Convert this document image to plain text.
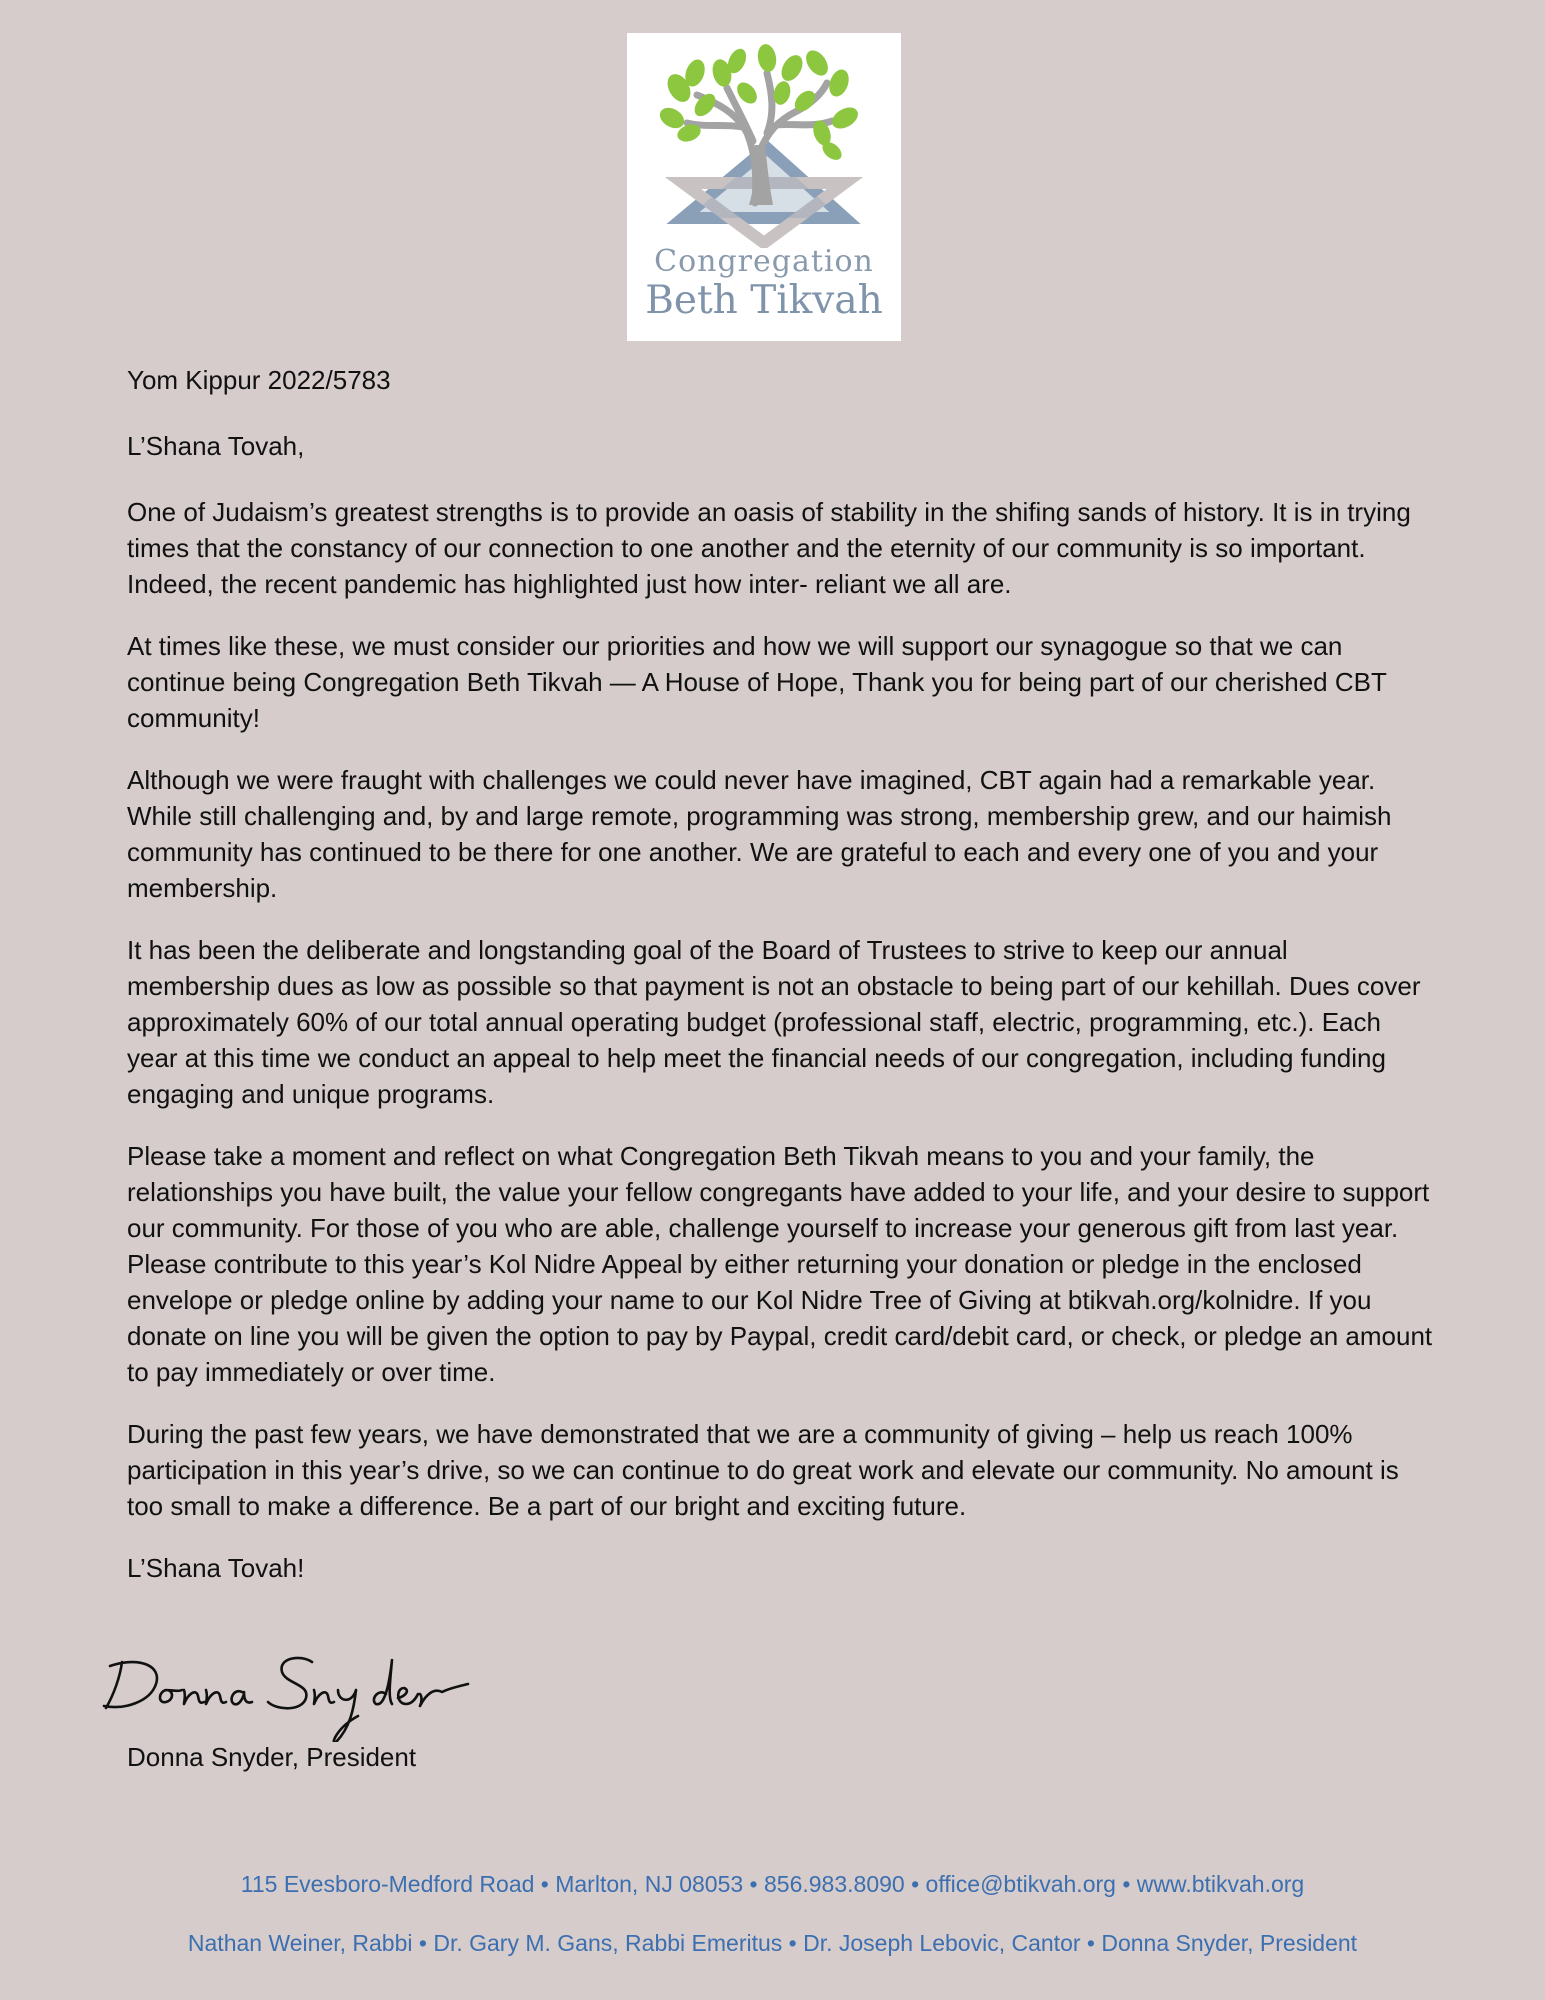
Congregation
Beth Tikvah

Yom Kippur 2022/5783

L’Shana Tovah,

One of Judaism’s greatest strengths is to provide an oasis of stability in the shifing sands of history. It is in trying times that the constancy of our connection to one another and the eternity of our community is so important. Indeed, the recent pandemic has highlighted just how inter- reliant we all are.

At times like these, we must consider our priorities and how we will support our synagogue so that we can continue being Congregation Beth Tikvah — A House of Hope, Thank you for being part of our cherished CBT community!

Although we were fraught with challenges we could never have imagined, CBT again had a remarkable year. While still challenging and, by and large remote, programming was strong, membership grew, and our haimish community has continued to be there for one another. We are grateful to each and every one of you and your membership.

It has been the deliberate and longstanding goal of the Board of Trustees to strive to keep our annual membership dues as low as possible so that payment is not an obstacle to being part of our kehillah. Dues cover approximately 60% of our total annual operating budget (professional staff, electric, programming, etc.). Each year at this time we conduct an appeal to help meet the financial needs of our congregation, including funding engaging and unique programs.

Please take a moment and reflect on what Congregation Beth Tikvah means to you and your family, the relationships you have built, the value your fellow congregants have added to your life, and your desire to support our community. For those of you who are able, challenge yourself to increase your generous gift from last year. Please contribute to this year’s Kol Nidre Appeal by either returning your donation or pledge in the enclosed envelope or pledge online by adding your name to our Kol Nidre Tree of Giving at btikvah.org/kolnidre. If you donate on line you will be given the option to pay by Paypal, credit card/debit card, or check, or pledge an amount to pay immediately or over time.

During the past few years, we have demonstrated that we are a community of giving – help us reach 100% participation in this year’s drive, so we can continue to do great work and elevate our community. No amount is too small to make a difference. Be a part of our bright and exciting future.

L’Shana Tovah!

Donna Snyder, President
115 Evesboro-Medford Road • Marlton, NJ 08053 • 856.983.8090 • office@btikvah.org • www.btikvah.org
Nathan Weiner, Rabbi • Dr. Gary M. Gans, Rabbi Emeritus • Dr. Joseph Lebovic, Cantor • Donna Snyder, President
